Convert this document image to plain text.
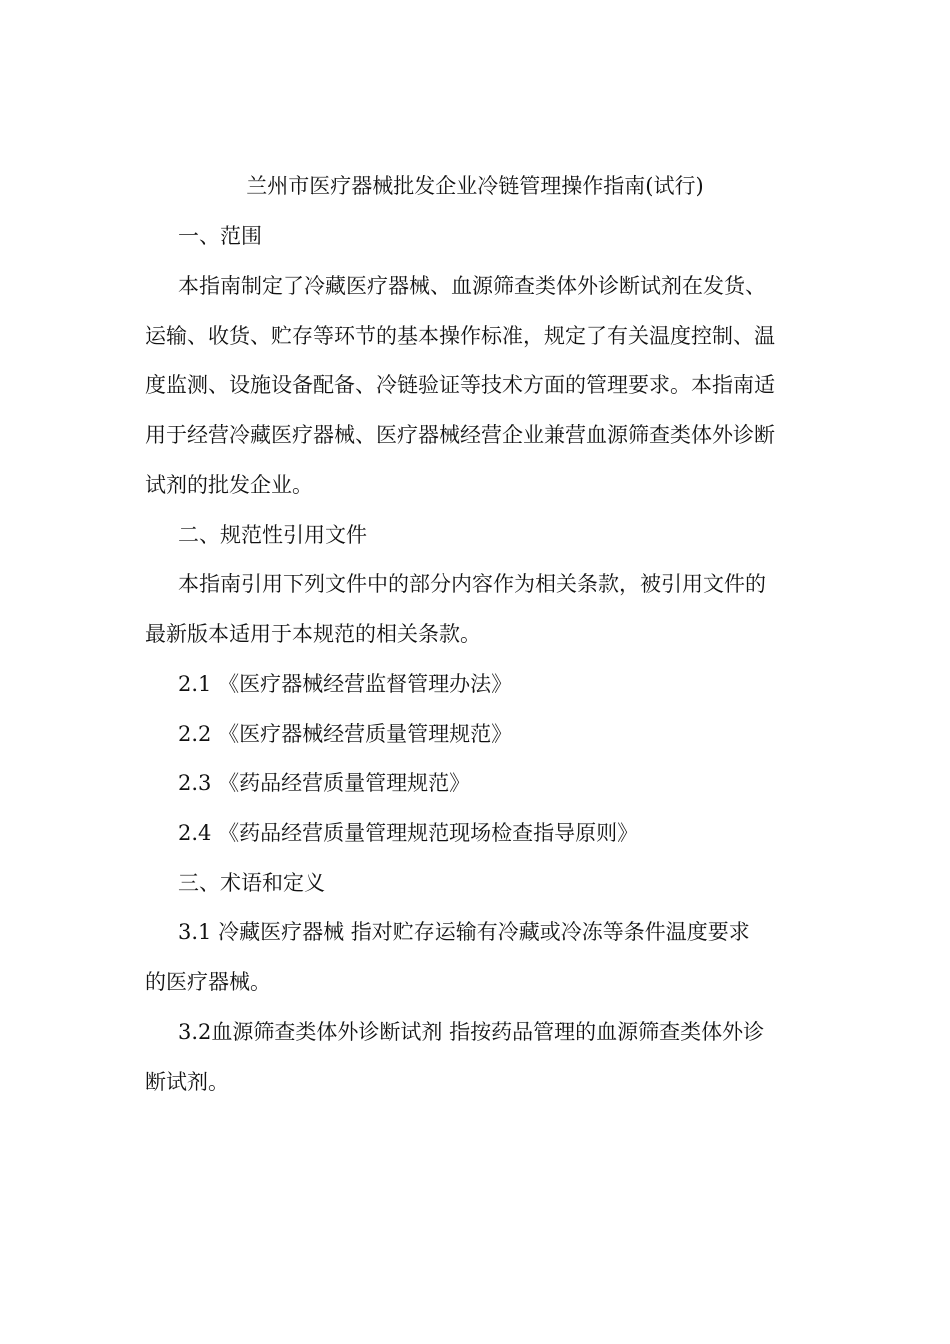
兰州市医疗器械批发企业冷链管理操作指南(试行)

一、范围

本指南制定了冷藏医疗器械、血源筛查类体外诊断试剂在发货、

运输、收货、贮存等环节的基本操作标准，规定了有关温度控制、温

度监测、设施设备配备、冷链验证等技术方面的管理要求。本指南适

用于经营冷藏医疗器械、医疗器械经营企业兼营血源筛查类体外诊断

试剂的批发企业。

二、规范性引用文件

本指南引用下列文件中的部分内容作为相关条款，被引用文件的

最新版本适用于本规范的相关条款。

2.1 《医疗器械经营监督管理办法》

2.2 《医疗器械经营质量管理规范》

2.3 《药品经营质量管理规范》

2.4 《药品经营质量管理规范现场检查指导原则》

三、术语和定义

3.1 冷藏医疗器械 指对贮存运输有冷藏或冷冻等条件温度要求

的医疗器械。

3.2血源筛查类体外诊断试剂 指按药品管理的血源筛查类体外诊

断试剂。
